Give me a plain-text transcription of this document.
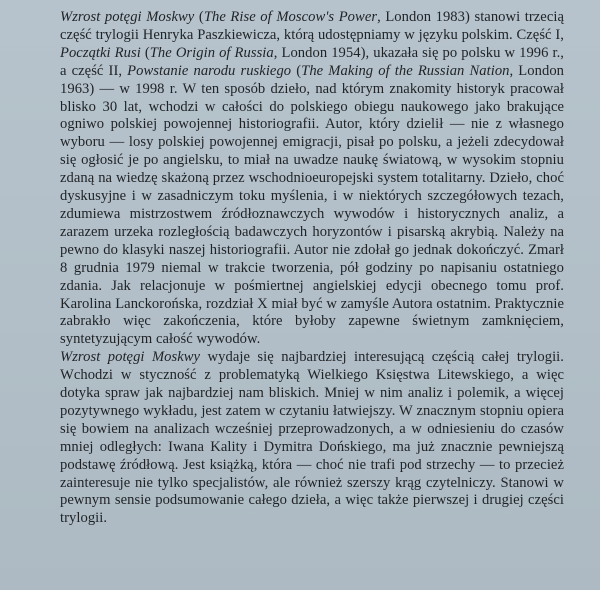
Wzrost potęgi Moskwy (The Rise of Moscow's Power, London 1983) stanowi trzecią część trylogii Henryka Paszkiewicza, którą udostępniamy w języku polskim. Część I, Początki Rusi (The Origin of Russia, London 1954), ukazała się po polsku w 1996 r., a część II, Powstanie narodu ruskiego (The Making of the Russian Nation, London 1963) — w 1998 r. W ten sposób dzieło, nad którym znakomity historyk pracował blisko 30 lat, wchodzi w całości do polskiego obiegu naukowego jako brakujące ogniwo polskiej powojennej historiografii. Autor, który dzielił — nie z własnego wyboru — losy polskiej powojennej emigracji, pisał po polsku, a jeżeli zdecydował się ogłosić je po angielsku, to miał na uwadze naukę światową, w wysokim stopniu zdaną na wiedzę skażoną przez wschodnioeuropejski system totalitarny. Dzieło, choć dyskusyjne i w zasadniczym toku myślenia, i w niektórych szczegółowych tezach, zdumiewa mistrzostwem źródłoznawczych wywodów i historycznych analiz, a zarazem urzeka rozległością badawczych horyzontów i pisarską akrybią. Należy na pewno do klasyki naszej historiografii. Autor nie zdołał go jednak dokończyć. Zmarł 8 grudnia 1979 niemal w trakcie tworzenia, pół godziny po napisaniu ostatniego zdania. Jak relacjonuje w pośmiertnej angielskiej edycji obecnego tomu prof. Karolina Lanckorońska, rozdział X miał być w zamyśle Autora ostatnim. Praktycznie zabrakło więc zakończenia, które byłoby zapewne świetnym zamknięciem, syntetyzującym całość wywodów.

Wzrost potęgi Moskwy wydaje się najbardziej interesującą częścią całej trylogii. Wchodzi w styczność z problematyką Wielkiego Księstwa Litewskiego, a więc dotyka spraw jak najbardziej nam bliskich. Mniej w nim analiz i polemik, a więcej pozytywnego wykładu, jest zatem w czytaniu łatwiejszy. W znacznym stopniu opiera się bowiem na analizach wcześniej przeprowadzonych, a w odniesieniu do czasów mniej odległych: Iwana Kality i Dymitra Dońskiego, ma już znacznie pewniejszą podstawę źródłową. Jest książką, która — choć nie trafi pod strzechy — to przecież zainteresuje nie tylko specjalistów, ale również szerszy krąg czytelniczy. Stanowi w pewnym sensie podsumowanie całego dzieła, a więc także pierwszej i drugiej części trylogii.
